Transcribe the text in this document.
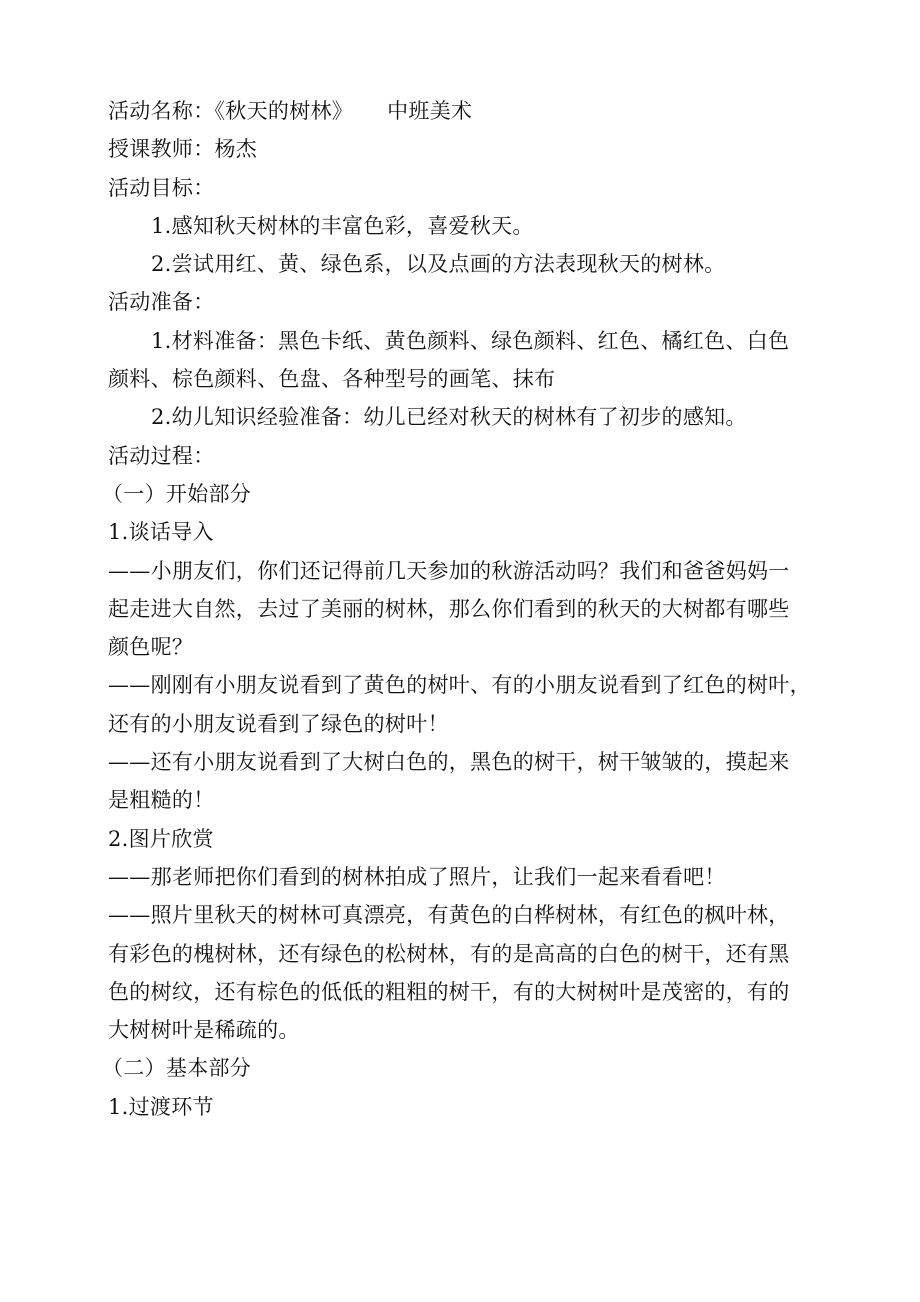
活动名称：《秋天的树林》 中班美术
授课教师：杨杰
活动目标：
1.感知秋天树林的丰富色彩，喜爱秋天。
2.尝试用红、黄、绿色系，以及点画的方法表现秋天的树林。
活动准备：
1.材料准备：黑色卡纸、黄色颜料、绿色颜料、红色、橘红色、白色
颜料、棕色颜料、色盘、各种型号的画笔、抹布
2.幼儿知识经验准备：幼儿已经对秋天的树林有了初步的感知。
活动过程：
（一）开始部分
1.谈话导入
——小朋友们，你们还记得前几天参加的秋游活动吗？我们和爸爸妈妈一
起走进大自然，去过了美丽的树林，那么你们看到的秋天的大树都有哪些
颜色呢？
——刚刚有小朋友说看到了黄色的树叶、有的小朋友说看到了红色的树叶，
还有的小朋友说看到了绿色的树叶！
——还有小朋友说看到了大树白色的，黑色的树干，树干皱皱的，摸起来
是粗糙的！
2.图片欣赏
——那老师把你们看到的树林拍成了照片，让我们一起来看看吧！
——照片里秋天的树林可真漂亮，有黄色的白桦树林，有红色的枫叶林，
有彩色的槐树林，还有绿色的松树林，有的是高高的白色的树干，还有黑
色的树纹，还有棕色的低低的粗粗的树干，有的大树树叶是茂密的，有的
大树树叶是稀疏的。
（二）基本部分
1.过渡环节
